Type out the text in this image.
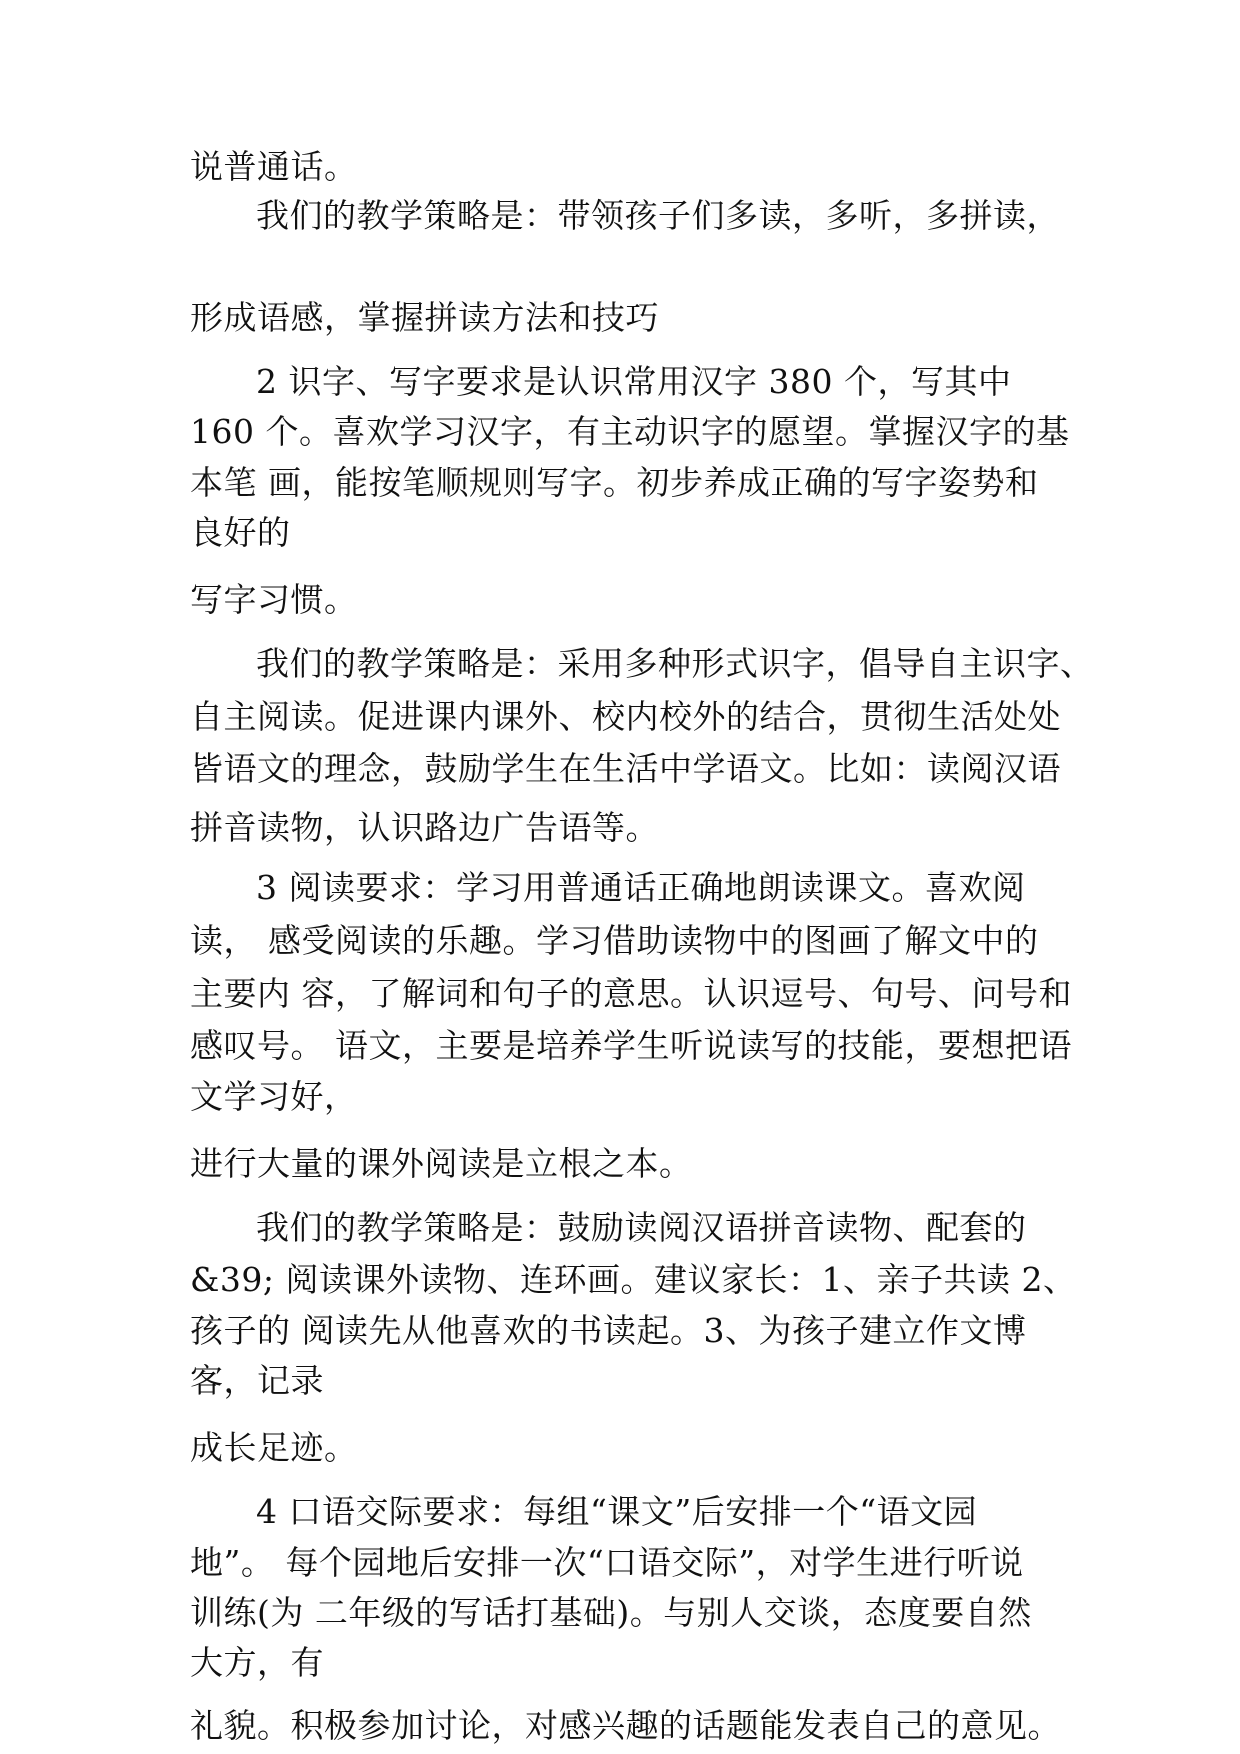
说普通话。
我们的教学策略是：带领孩子们多读，多听，多拼读，
形成语感，掌握拼读方法和技巧
2 识字、写字要求是认识常用汉字 380 个，写其中
160 个。喜欢学习汉字，有主动识字的愿望。掌握汉字的基
本笔 画，能按笔顺规则写字。初步养成正确的写字姿势和
良好的
写字习惯。
我们的教学策略是：采用多种形式识字，倡导自主识字、
自主阅读。促进课内课外、校内校外的结合，贯彻生活处处
皆语文的理念，鼓励学生在生活中学语文。比如：读阅汉语
拼音读物，认识路边广告语等。
3 阅读要求：学习用普通话正确地朗读课文。喜欢阅
读， 感受阅读的乐趣。学习借助读物中的图画了解文中的
主要内 容，了解词和句子的意思。认识逗号、句号、问号和
感叹号。 语文，主要是培养学生听说读写的技能，要想把语
文学习好，
进行大量的课外阅读是立根之本。
我们的教学策略是：鼓励读阅汉语拼音读物、配套的
&39; 阅读课外读物、连环画。建议家长：1、亲子共读 2、
孩子的 阅读先从他喜欢的书读起。3、为孩子建立作文博
客，记录
成长足迹。
4 口语交际要求：每组“课文”后安排一个“语文园
地”。 每个园地后安排一次“口语交际”，对学生进行听说
训练(为 二年级的写话打基础)。与别人交谈，态度要自然
大方，有
礼貌。积极参加讨论，对感兴趣的话题能发表自己的意见。
